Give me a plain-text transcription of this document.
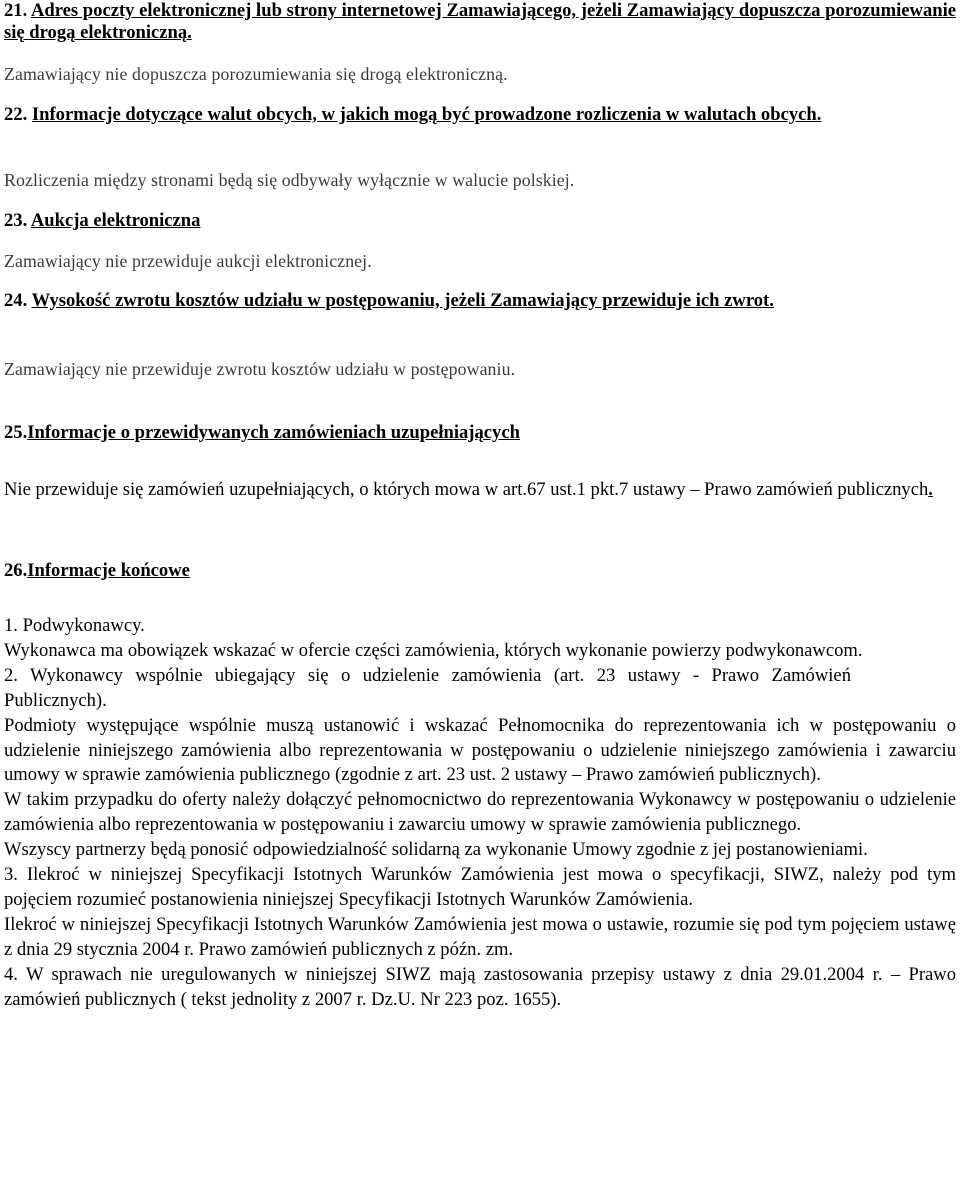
21. Adres poczty elektronicznej lub strony internetowej Zamawiającego, jeżeli Zamawiający dopuszcza porozumiewanie się drogą elektroniczną.
Zamawiający nie dopuszcza porozumiewania się drogą elektroniczną.
22. Informacje dotyczące walut obcych, w jakich mogą być prowadzone rozliczenia w walutach obcych.
Rozliczenia między stronami będą się odbywały wyłącznie w walucie polskiej.
23. Aukcja elektroniczna
Zamawiający nie przewiduje aukcji elektronicznej.
24. Wysokość zwrotu kosztów udziału w postępowaniu, jeżeli Zamawiający przewiduje ich zwrot.
Zamawiający nie przewiduje zwrotu kosztów udziału w postępowaniu.
25.Informacje o przewidywanych zamówieniach uzupełniających
Nie przewiduje się zamówień uzupełniających, o których mowa w art.67 ust.1 pkt.7 ustawy – Prawo zamówień publicznych.
26.Informacje końcowe

1. Podwykonawcy.

Wykonawca ma obowiązek wskazać w ofercie części zamówienia, których wykonanie powierzy podwykonawcom.

2. Wykonawcy wspólnie ubiegający się o udzielenie zamówienia (art. 23 ustawy - Prawo Zamówień Publicznych).

Podmioty występujące wspólnie muszą ustanowić i wskazać Pełnomocnika do reprezentowania ich w postępowaniu o udzielenie niniejszego zamówienia albo reprezentowania w postępowaniu o udzielenie niniejszego zamówienia i zawarciu umowy w sprawie zamówienia publicznego (zgodnie z art. 23 ust. 2 ustawy – Prawo zamówień publicznych).

W takim przypadku do oferty należy dołączyć pełnomocnictwo do reprezentowania Wykonawcy w postępowaniu o udzielenie zamówienia albo reprezentowania w postępowaniu i zawarciu umowy w sprawie zamówienia publicznego.

Wszyscy partnerzy będą ponosić odpowiedzialność solidarną za wykonanie Umowy zgodnie z jej postanowieniami.

3. Ilekroć w niniejszej Specyfikacji Istotnych Warunków Zamówienia jest mowa o specyfikacji, SIWZ, należy pod tym pojęciem rozumieć postanowienia niniejszej Specyfikacji Istotnych Warunków Zamówienia.

Ilekroć w niniejszej Specyfikacji Istotnych Warunków Zamówienia jest mowa o ustawie, rozumie się pod tym pojęciem ustawę z dnia 29 stycznia 2004 r. Prawo zamówień publicznych z późn. zm.

4. W sprawach nie uregulowanych w niniejszej SIWZ mają zastosowania przepisy ustawy z dnia 29.01.2004 r. – Prawo zamówień publicznych ( tekst jednolity z 2007 r. Dz.U. Nr 223 poz. 1655).
